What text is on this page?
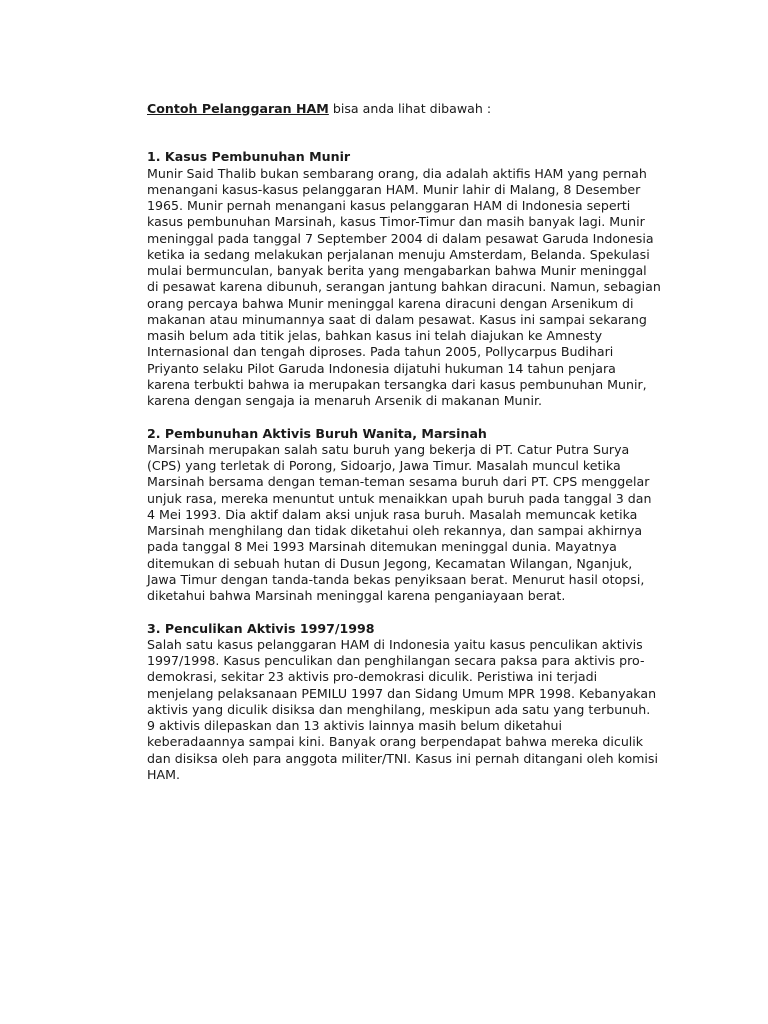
Contoh Pelanggaran HAM bisa anda lihat dibawah :

1. Kasus Pembunuhan Munir
Munir Said Thalib bukan sembarang orang, dia adalah aktifis HAM yang pernah menangani kasus-kasus pelanggaran HAM. Munir lahir di Malang, 8 Desember 1965. Munir pernah menangani kasus pelanggaran HAM di Indonesia seperti kasus pembunuhan Marsinah, kasus Timor-Timur dan masih banyak lagi. Munir meninggal pada tanggal 7 September 2004 di dalam pesawat Garuda Indonesia ketika ia sedang melakukan perjalanan menuju Amsterdam, Belanda. Spekulasi mulai bermunculan, banyak berita yang mengabarkan bahwa Munir meninggal di pesawat karena dibunuh, serangan jantung bahkan diracuni. Namun, sebagian orang percaya bahwa Munir meninggal karena diracuni dengan Arsenikum di makanan atau minumannya saat di dalam pesawat. Kasus ini sampai sekarang masih belum ada titik jelas, bahkan kasus ini telah diajukan ke Amnesty Internasional dan tengah diproses. Pada tahun 2005, Pollycarpus Budihari Priyanto selaku Pilot Garuda Indonesia dijatuhi hukuman 14 tahun penjara karena terbukti bahwa ia merupakan tersangka dari kasus pembunuhan Munir, karena dengan sengaja ia menaruh Arsenik di makanan Munir.
2. Pembunuhan Aktivis Buruh Wanita, Marsinah
Marsinah merupakan salah satu buruh yang bekerja di PT. Catur Putra Surya (CPS) yang terletak di Porong, Sidoarjo, Jawa Timur. Masalah muncul ketika Marsinah bersama dengan teman-teman sesama buruh dari PT. CPS menggelar unjuk rasa, mereka menuntut untuk menaikkan upah buruh pada tanggal 3 dan 4 Mei 1993. Dia aktif dalam aksi unjuk rasa buruh. Masalah memuncak ketika Marsinah menghilang dan tidak diketahui oleh rekannya, dan sampai akhirnya pada tanggal 8 Mei 1993 Marsinah ditemukan meninggal dunia. Mayatnya ditemukan di sebuah hutan di Dusun Jegong, Kecamatan Wilangan, Nganjuk, Jawa Timur dengan tanda-tanda bekas penyiksaan berat. Menurut hasil otopsi, diketahui bahwa Marsinah meninggal karena penganiayaan berat.
3. Penculikan Aktivis 1997/1998
Salah satu kasus pelanggaran HAM di Indonesia yaitu kasus penculikan aktivis 1997/1998. Kasus penculikan dan penghilangan secara paksa para aktivis pro-demokrasi, sekitar 23 aktivis pro-demokrasi diculik. Peristiwa ini terjadi menjelang pelaksanaan PEMILU 1997 dan Sidang Umum MPR 1998. Kebanyakan aktivis yang diculik disiksa dan menghilang, meskipun ada satu yang terbunuh. 9 aktivis dilepaskan dan 13 aktivis lainnya masih belum diketahui keberadaannya sampai kini. Banyak orang berpendapat bahwa mereka diculik dan disiksa oleh para anggota militer/TNI. Kasus ini pernah ditangani oleh komisi HAM.
